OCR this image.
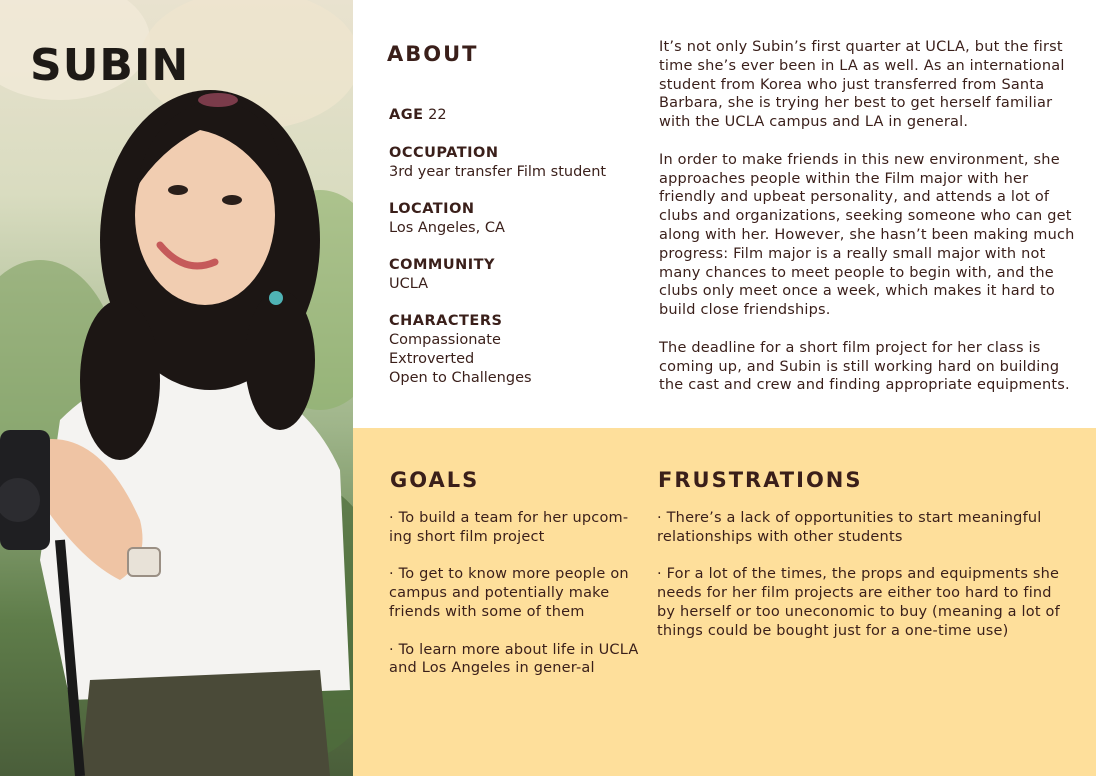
SUBIN	ABOUT
AGE 22
OCCUPATION
3rd year transfer Film student
LOCATION
Los Angeles, CA
COMMUNITY
UCLA
CHARACTERS
Compassionate
Extroverted
Open to Challenges

It’s not only Subin’s first quarter at UCLA, but the first time she’s ever been in LA as well. As an international student from Korea who just transferred from Santa Barbara, she is trying her best to get herself familiar with the UCLA campus and LA in general.

In order to make friends in this new environment, she approaches people within the Film major with her friendly and upbeat personality, and attends a lot of clubs and organizations, seeking someone who can get along with her. However, she hasn’t been making much progress: Film major is a really small major with not many chances to meet people to begin with, and the clubs only meet once a week, which makes it hard to build close friendships.

The deadline for a short film project for her class is coming up, and Subin is still working hard on building the cast and crew and finding appropriate equipments.

GOALS

· To build a team for her upcom-ing short film project

· To get to know more people on campus and potentially make friends with some of them

· To learn more about life in UCLA and Los Angeles in gener-al

FRUSTRATIONS

· There’s a lack of opportunities to start meaningful relationships with other students

· For a lot of the times, the props and equipments she needs for her film projects are either too hard to find by herself or too uneconomic to buy (meaning a lot of things could be bought just for a one-time use)
